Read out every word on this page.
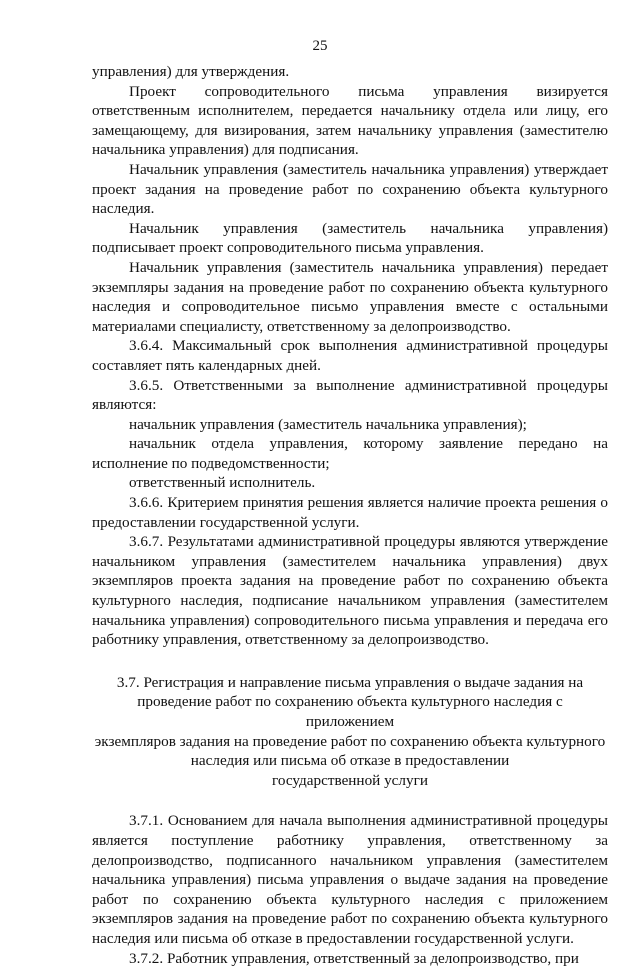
25

управления) для утверждения.

Проект сопроводительного письма управления визируется ответственным исполнителем, передается начальнику отдела или лицу, его замещающему, для визирования, затем начальнику управления (заместителю начальника управления) для подписания.

Начальник управления (заместитель начальника управления) утверждает проект задания на проведение работ по сохранению объекта культурного наследия.

Начальник управления (заместитель начальника управления) подписывает проект сопроводительного письма управления.

Начальник управления (заместитель начальника управления) передает экземпляры задания на проведение работ по сохранению объекта культурного наследия и сопроводительное письмо управления вместе с остальными материалами специалисту, ответственному за делопроизводство.

3.6.4. Максимальный срок выполнения административной процедуры составляет пять календарных дней.

3.6.5. Ответственными за выполнение административной процедуры являются:

начальник управления (заместитель начальника управления);

начальник отдела управления, которому заявление передано на исполнение по подведомственности;

ответственный исполнитель.

3.6.6. Критерием принятия решения является наличие проекта решения о предоставлении государственной услуги.

3.6.7. Результатами административной процедуры являются утверждение начальником управления (заместителем начальника управления) двух экземпляров проекта задания на проведение работ по сохранению объекта культурного наследия, подписание начальником управления (заместителем начальника управления) сопроводительного письма управления и передача его работнику управления, ответственному за делопроизводство.

3.7. Регистрация и направление письма управления о выдаче задания на

проведение работ по сохранению объекта культурного наследия с приложением

экземпляров задания на проведение работ по сохранению объекта культурного

наследия или письма об отказе в предоставлении

государственной услуги

3.7.1. Основанием для начала выполнения административной процедуры является поступление работнику управления, ответственному за делопроизводство, подписанного начальником управления (заместителем начальника управления) письма управления о выдаче задания на проведение работ по сохранению объекта культурного наследия с приложением экземпляров задания на проведение работ по сохранению объекта культурного наследия или письма об отказе в предоставлении государственной услуги.

3.7.2. Работник управления, ответственный за делопроизводство, при
